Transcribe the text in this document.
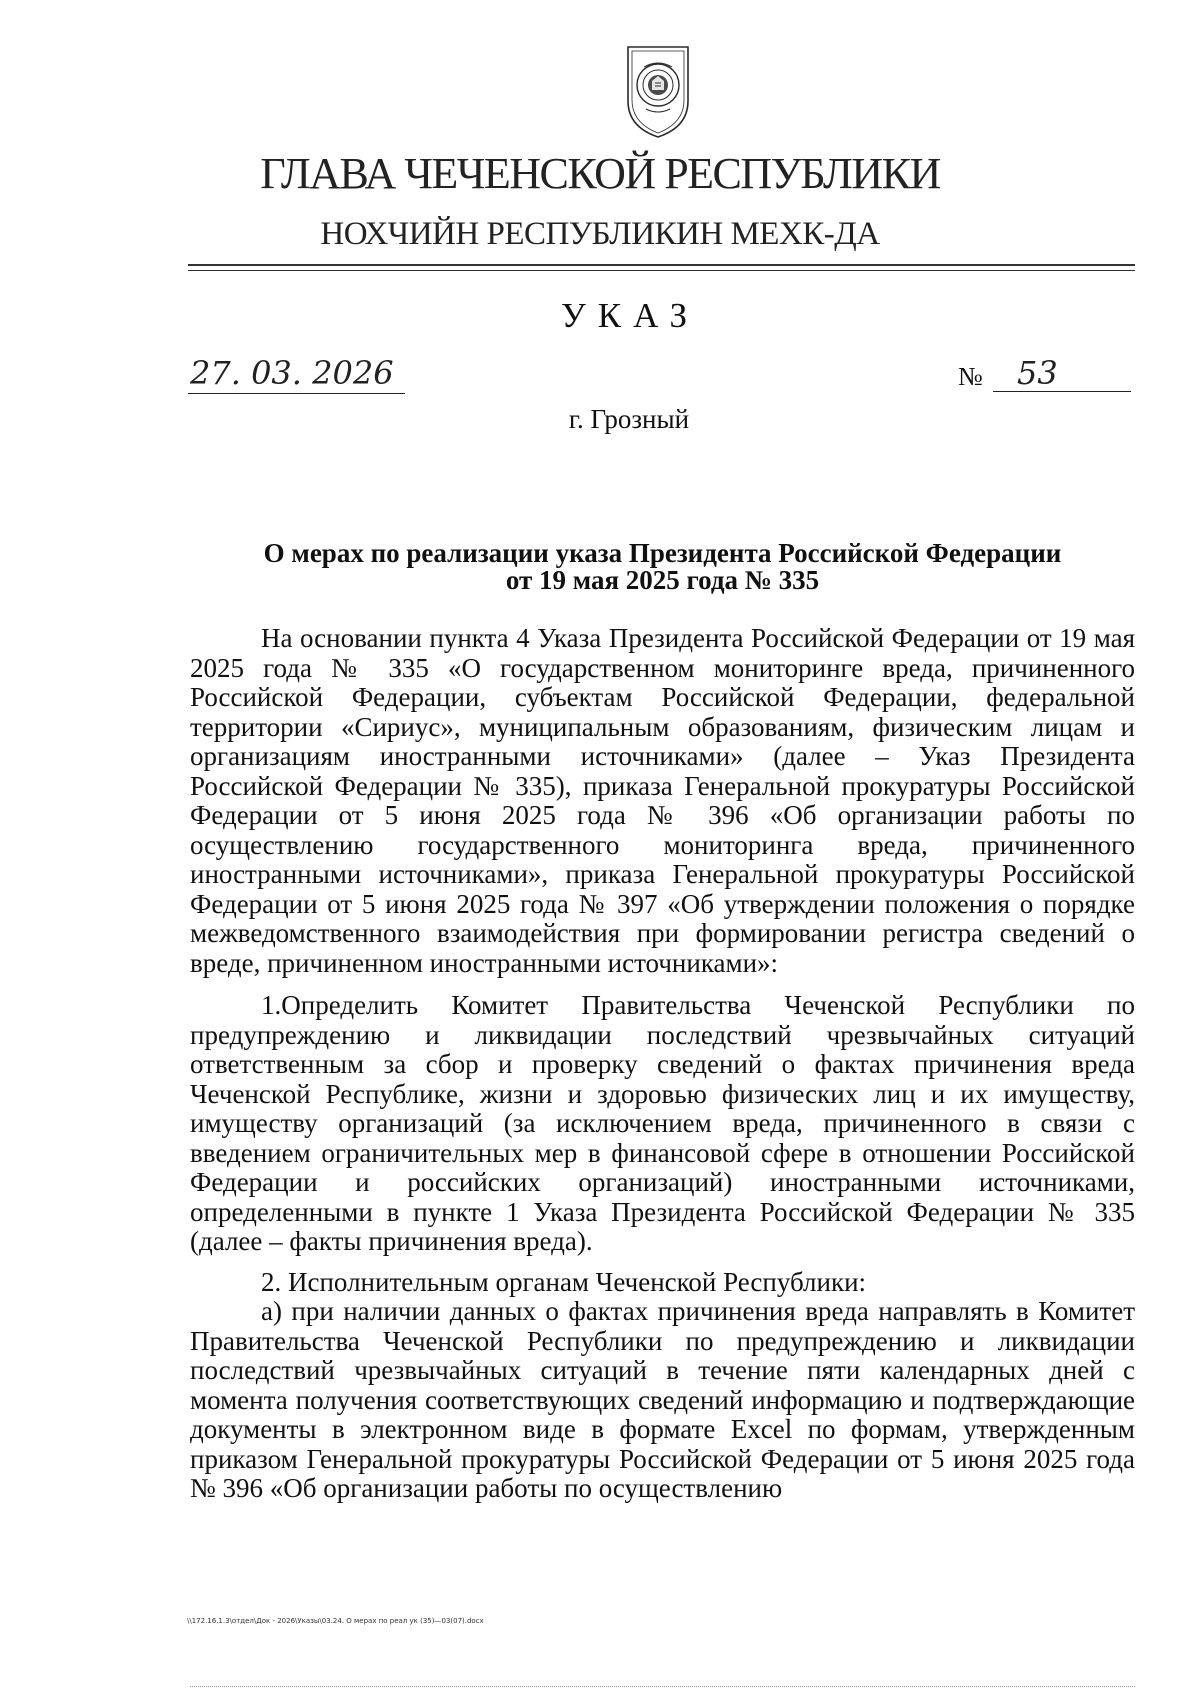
ГЛАВА ЧЕЧЕНСКОЙ РЕСПУБЛИКИ
НОХЧИЙН РЕСПУБЛИКИН МЕХК-ДА
УКАЗ
27. 03. 2026	№	53
г. Грозный
О мерах по реализации указа Президента Российской Федерации
от 19 мая 2025 года № 335

На основании пункта 4 Указа Президента Российской Федерации от 19 мая 2025 года № 335 «О государственном мониторинге вреда, причиненного Российской Федерации, субъектам Российской Федерации, федеральной территории «Сириус», муниципальным образованиям, физическим лицам и организациям иностранными источниками» (далее – Указ Президента Российской Федерации № 335), приказа Генеральной прокуратуры Российской Федерации от 5 июня 2025 года № 396 «Об организации работы по осуществлению государственного мониторинга вреда, причиненного иностранными источниками», приказа Генеральной прокуратуры Российской Федерации от 5 июня 2025 года № 397 «Об утверждении положения о порядке межведомственного взаимодействия при формировании регистра сведений о вреде, причиненном иностранными источниками»:

1.Определить Комитет Правительства Чеченской Республики по предупреждению и ликвидации последствий чрезвычайных ситуаций ответственным за сбор и проверку сведений о фактах причинения вреда Чеченской Республике, жизни и здоровью физических лиц и их имуществу, имуществу организаций (за исключением вреда, причиненного в связи с введением ограничительных мер в финансовой сфере в отношении Российской Федерации и российских организаций) иностранными источниками, определенными в пункте 1 Указа Президента Российской Федерации № 335 (далее – факты причинения вреда).

2. Исполнительным органам Чеченской Республики:

а) при наличии данных о фактах причинения вреда направлять в Комитет Правительства Чеченской Республики по предупреждению и ликвидации последствий чрезвычайных ситуаций в течение пяти календарных дней с момента получения соответствующих сведений информацию и подтверждающие документы в электронном виде в формате Excel по формам, утвержденным приказом Генеральной прокуратуры Российской Федерации от 5 июня 2025 года № 396 «Об организации работы по осуществлению

\\172.16.1.3\отдел\Док - 2026\Указы\03.24. О мерах по реал ук (35)—03(07).docx
